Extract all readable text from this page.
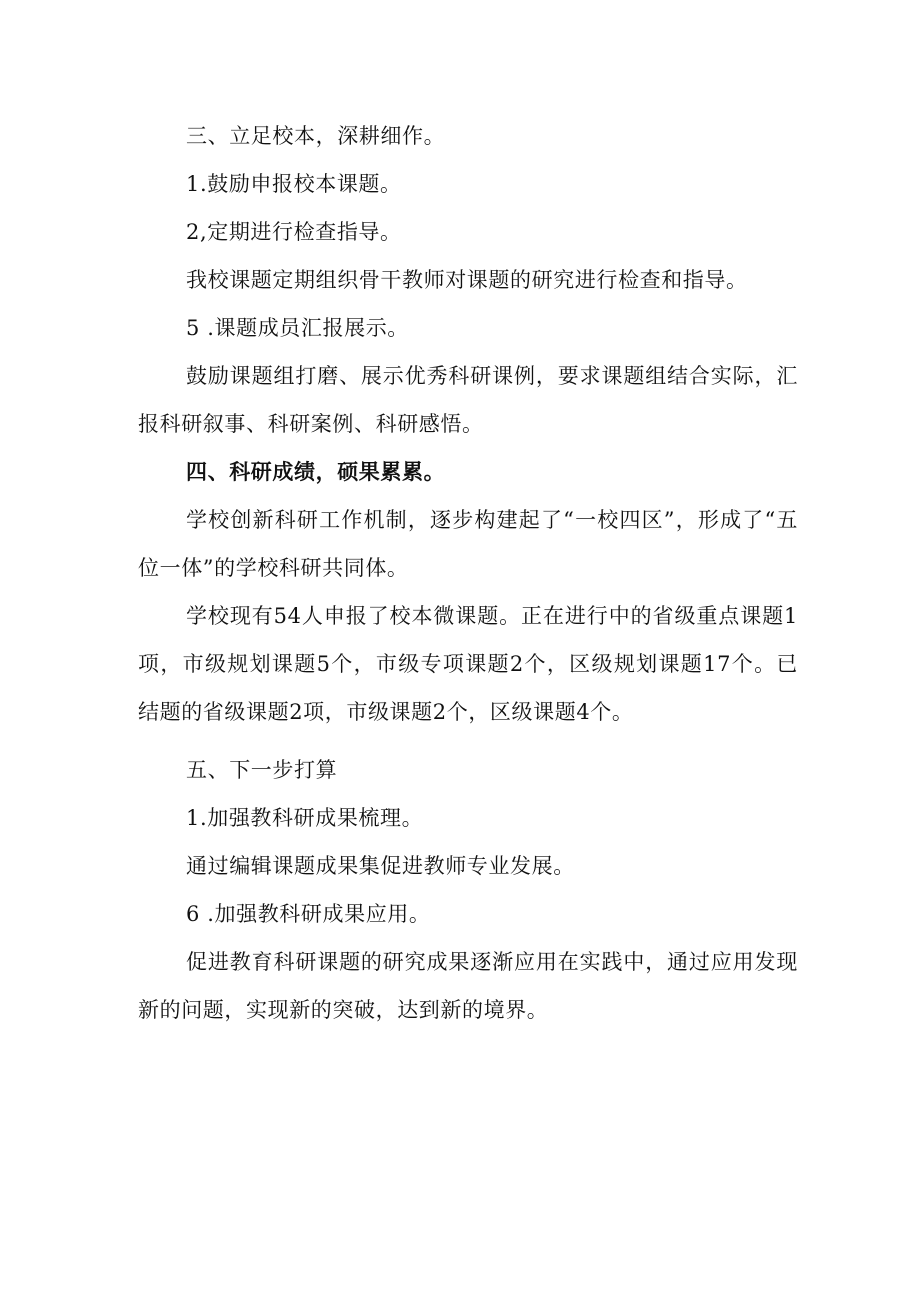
三、立足校本，深耕细作。

1.鼓励申报校本课题。

2,定期进行检查指导。

我校课题定期组织骨干教师对课题的研究进行检查和指导。

5 .课题成员汇报展示。

鼓励课题组打磨、展示优秀科研课例，要求课题组结合实际，汇报科研叙事、科研案例、科研感悟。

四、科研成绩，硕果累累。

学校创新科研工作机制，逐步构建起了“一校四区”，形成了“五位一体”的学校科研共同体。

学校现有54人申报了校本微课题。正在进行中的省级重点课题1项，市级规划课题5个，市级专项课题2个，区级规划课题17个。已结题的省级课题2项，市级课题2个，区级课题4个。

五、下一步打算

1.加强教科研成果梳理。

通过编辑课题成果集促进教师专业发展。

6 .加强教科研成果应用。

促进教育科研课题的研究成果逐渐应用在实践中，通过应用发现新的问题，实现新的突破，达到新的境界。
